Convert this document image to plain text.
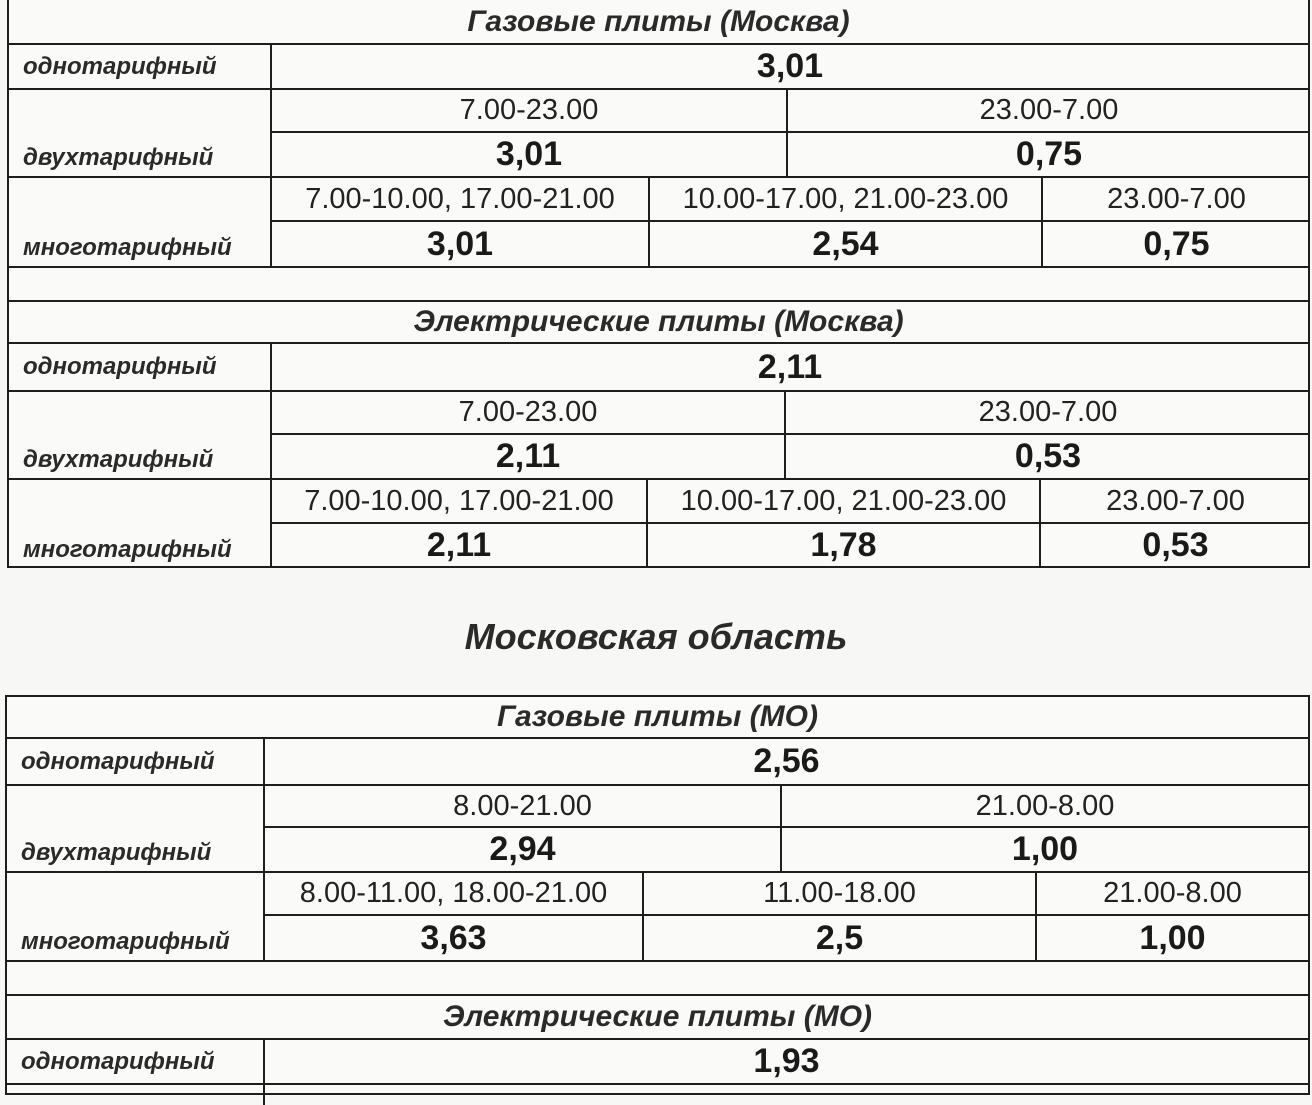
Газовые плиты (Москва)
однотарифный	3,01
двухтарифный
7.00-23.00	23.00-7.00
3,01	0,75
многотарифный
7.00-10.00, 17.00-21.00	10.00-17.00, 21.00-23.00	23.00-7.00
3,01	2,54	0,75
Электрические плиты (Москва)
однотарифный	2,11
двухтарифный
7.00-23.00	23.00-7.00
2,11	0,53
многотарифный
7.00-10.00, 17.00-21.00	10.00-17.00, 21.00-23.00	23.00-7.00
2,11	1,78	0,53
Московская область
Газовые плиты (МО)
однотарифный	2,56
двухтарифный
8.00-21.00	21.00-8.00
2,94	1,00
многотарифный
8.00-11.00, 18.00-21.00	11.00-18.00	21.00-8.00
3,63	2,5	1,00
Электрические плиты (МО)
однотарифный	1,93
